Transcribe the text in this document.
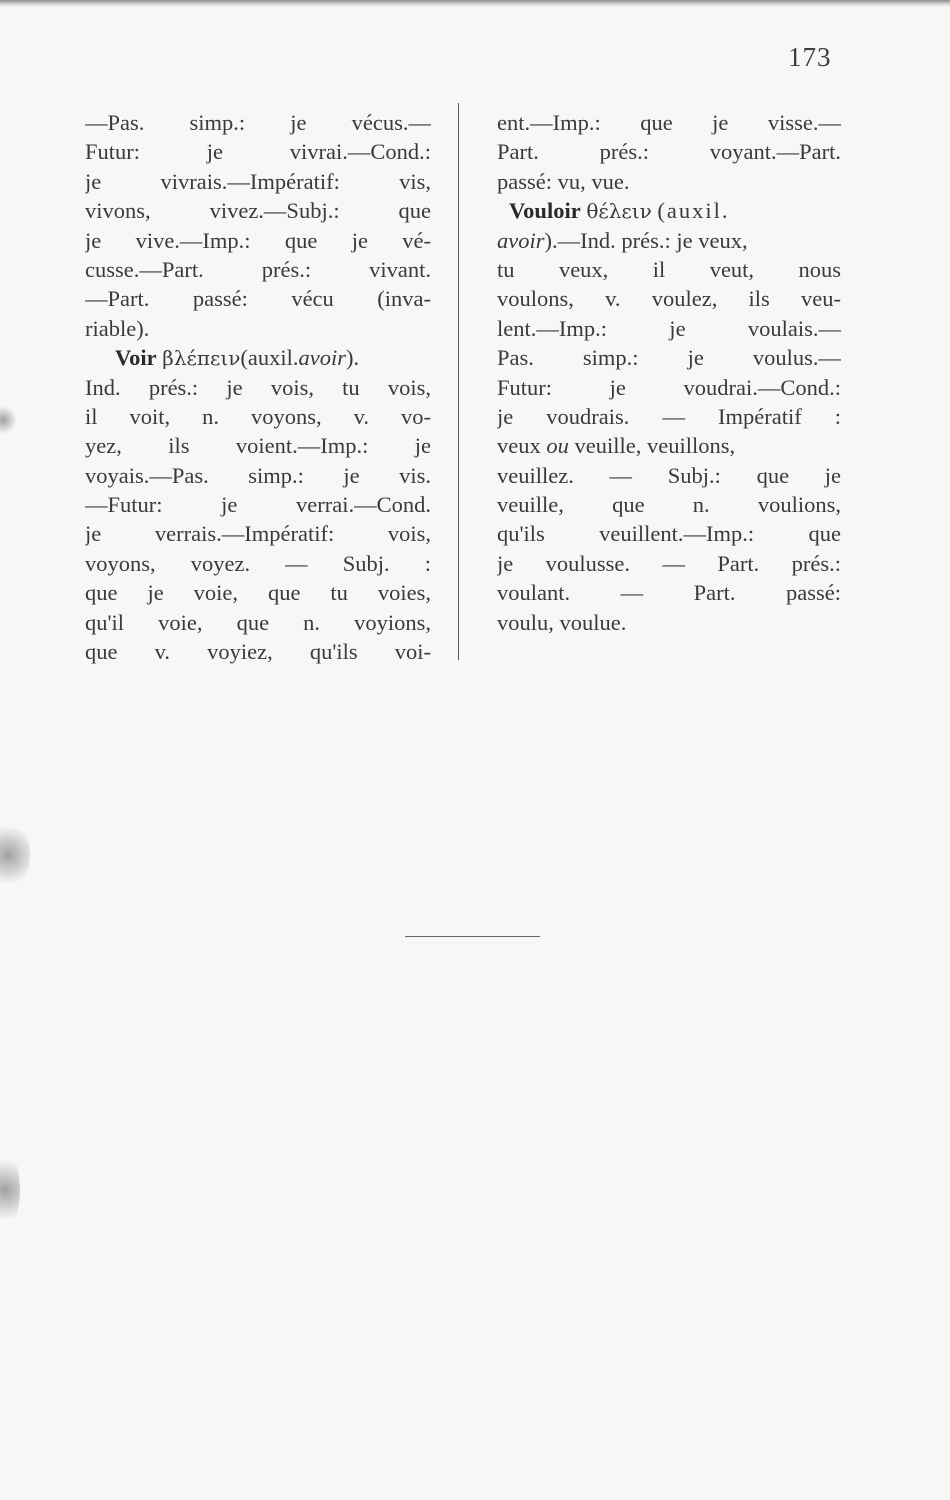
173
—Pas. simp.: je vécus.—
Futur: je vivrai.—Cond.:
je vivrais.—Impératif: vis,
vivons, vivez.—Subj.: que
je vive.—Imp.: que je vé-
cusse.—Part. prés.: vivant.
—Part. passé: vécu (inva-
riable).
Voir βλέπειν(auxil.avoir).
Ind. prés.: je vois, tu vois,
il voit, n. voyons, v. vo-
yez, ils voient.—Imp.: je
voyais.—Pas. simp.: je vis.
—Futur: je verrai.—Cond.
je verrais.—Impératif: vois,
voyons, voyez. — Subj. :
que je voie, que tu voies,
qu'il voie, que n. voyions,
que v. voyiez, qu'ils voi-
ent.—Imp.: que je visse.—
Part. prés.: voyant.—Part.
passé: vu, vue.
Vouloir θέλειν (auxil.
avoir).—Ind. prés.: je veux,
tu veux, il veut, nous
voulons, v. voulez, ils veu-
lent.—Imp.: je voulais.—
Pas. simp.: je voulus.—
Futur: je voudrai.—Cond.:
je voudrais. — Impératif :
veux ou veuille, veuillons,
veuillez. — Subj.: que je
veuille, que n. voulions,
qu'ils veuillent.—Imp.: que
je voulusse. — Part. prés.:
voulant. — Part. passé:
voulu, voulue.
